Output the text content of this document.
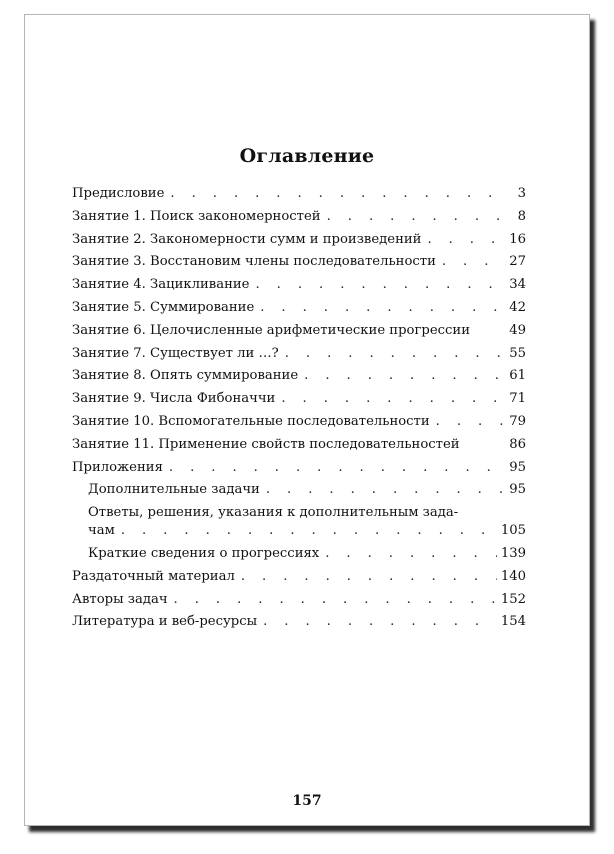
Оглавление
Предисловие . . .	3
Занятие 1. Поиск закономерностей . . .	8
Занятие 2. Закономерности сумм и произведений . . .	16
Занятие 3. Восстановим члены последовательности . . .	27
Занятие 4. Зацикливание . . .	34
Занятие 5. Суммирование . . .	42
Занятие 6. Целочисленные арифметические прогрессии	49
Занятие 7. Существует ли …? . . .	55
Занятие 8. Опять суммирование . . .	61
Занятие 9. Числа Фибоначчи . . .	71
Занятие 10. Вспомогательные последовательности . . .	79
Занятие 11. Применение свойств последовательностей	86
Приложения . . .	95
Дополнительные задачи . . .	95
Ответы, решения, указания к дополнительным зада-
чам . . .	105
Краткие сведения о прогрессиях . . .	139
Раздаточный материал . . .	140
Авторы задач . . .	152
Литература и веб-ресурсы . . .	154
157
